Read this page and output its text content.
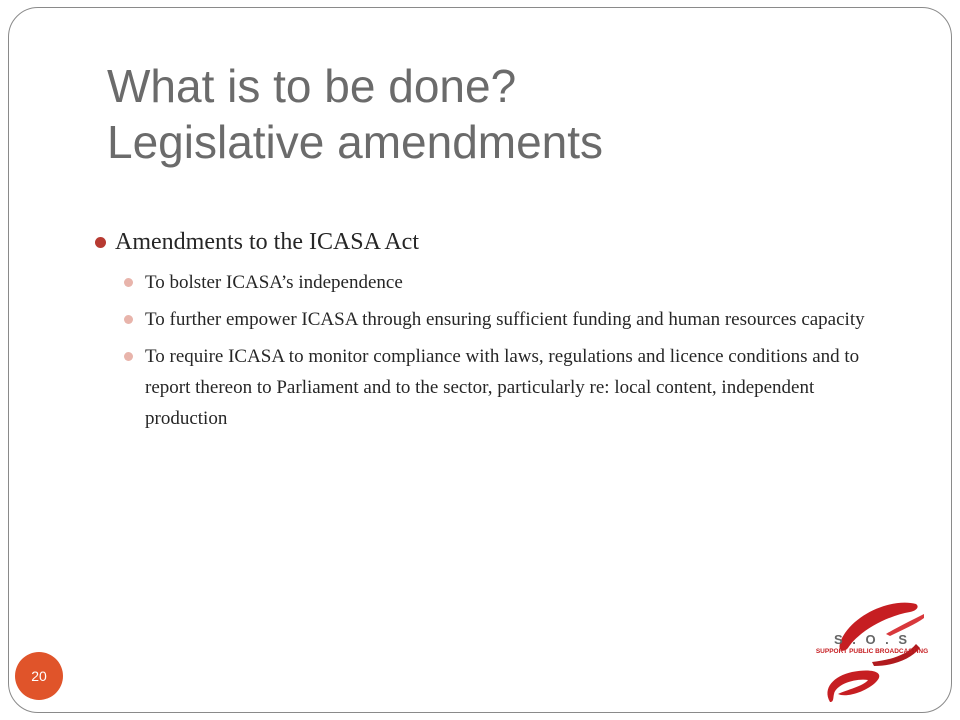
What is to be done?
Legislative amendments
Amendments to the ICASA Act
To bolster ICASA’s independence
To further empower ICASA through ensuring sufficient funding and human resources capacity
To require ICASA to monitor compliance with laws, regulations and licence conditions and to report thereon to Parliament and to the sector, particularly re: local content, independent production
20
S . O . S
SUPPORT PUBLIC BROADCASTING
